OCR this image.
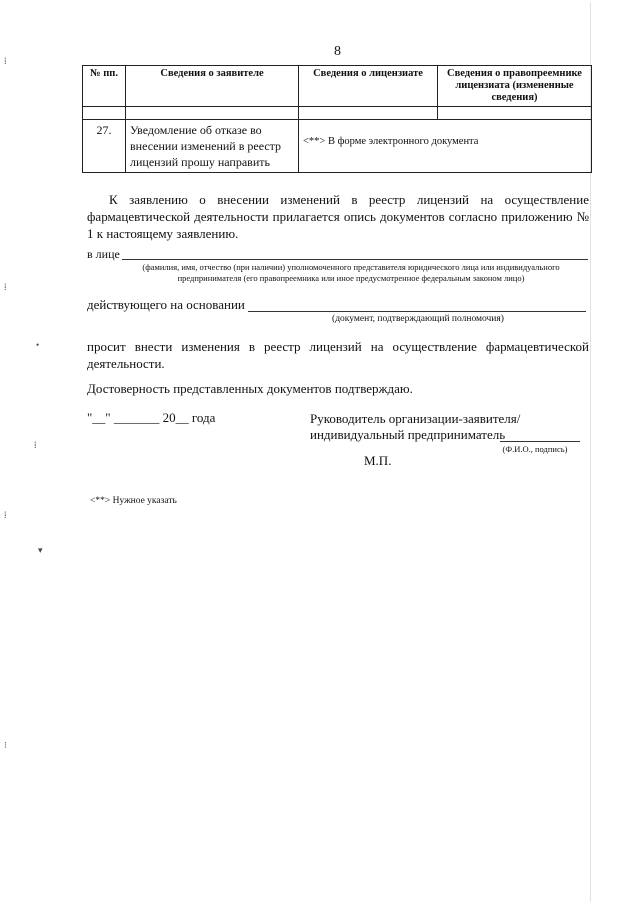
8
№ пп.	Сведения о заявителе	Сведения о лицензиате	Сведения о правопреемнике лицензиата (измененные сведения)

27.	Уведомление об отказе во внесении изменений в реестр лицензий прошу направить	<**> В форме электронного документа	
К заявлению о внесении изменений в реестр лицензий на осуществление фармацевтической деятельности прилагается опись документов согласно приложению № 1 к настоящему заявлению.
в лице
(фамилия, имя, отчество (при наличии) уполномоченного представителя юридического лица или индивидуального предпринимателя (его правопреемника или иное предусмотренное федеральным законом лицо)
действующего на основании
(документ, подтверждающий полномочия)
просит внести изменения в реестр лицензий на осуществление фармацевтической деятельности.
Достоверность представленных документов подтверждаю.
"__" _______ 20__ года	Руководитель организации-заявителя/
индивидуальный предприниматель
(Ф.И.О., подпись)
М.П.
<**> Нужное указать
⁞
⁞
•
⁞
⁞
▾
⁝
